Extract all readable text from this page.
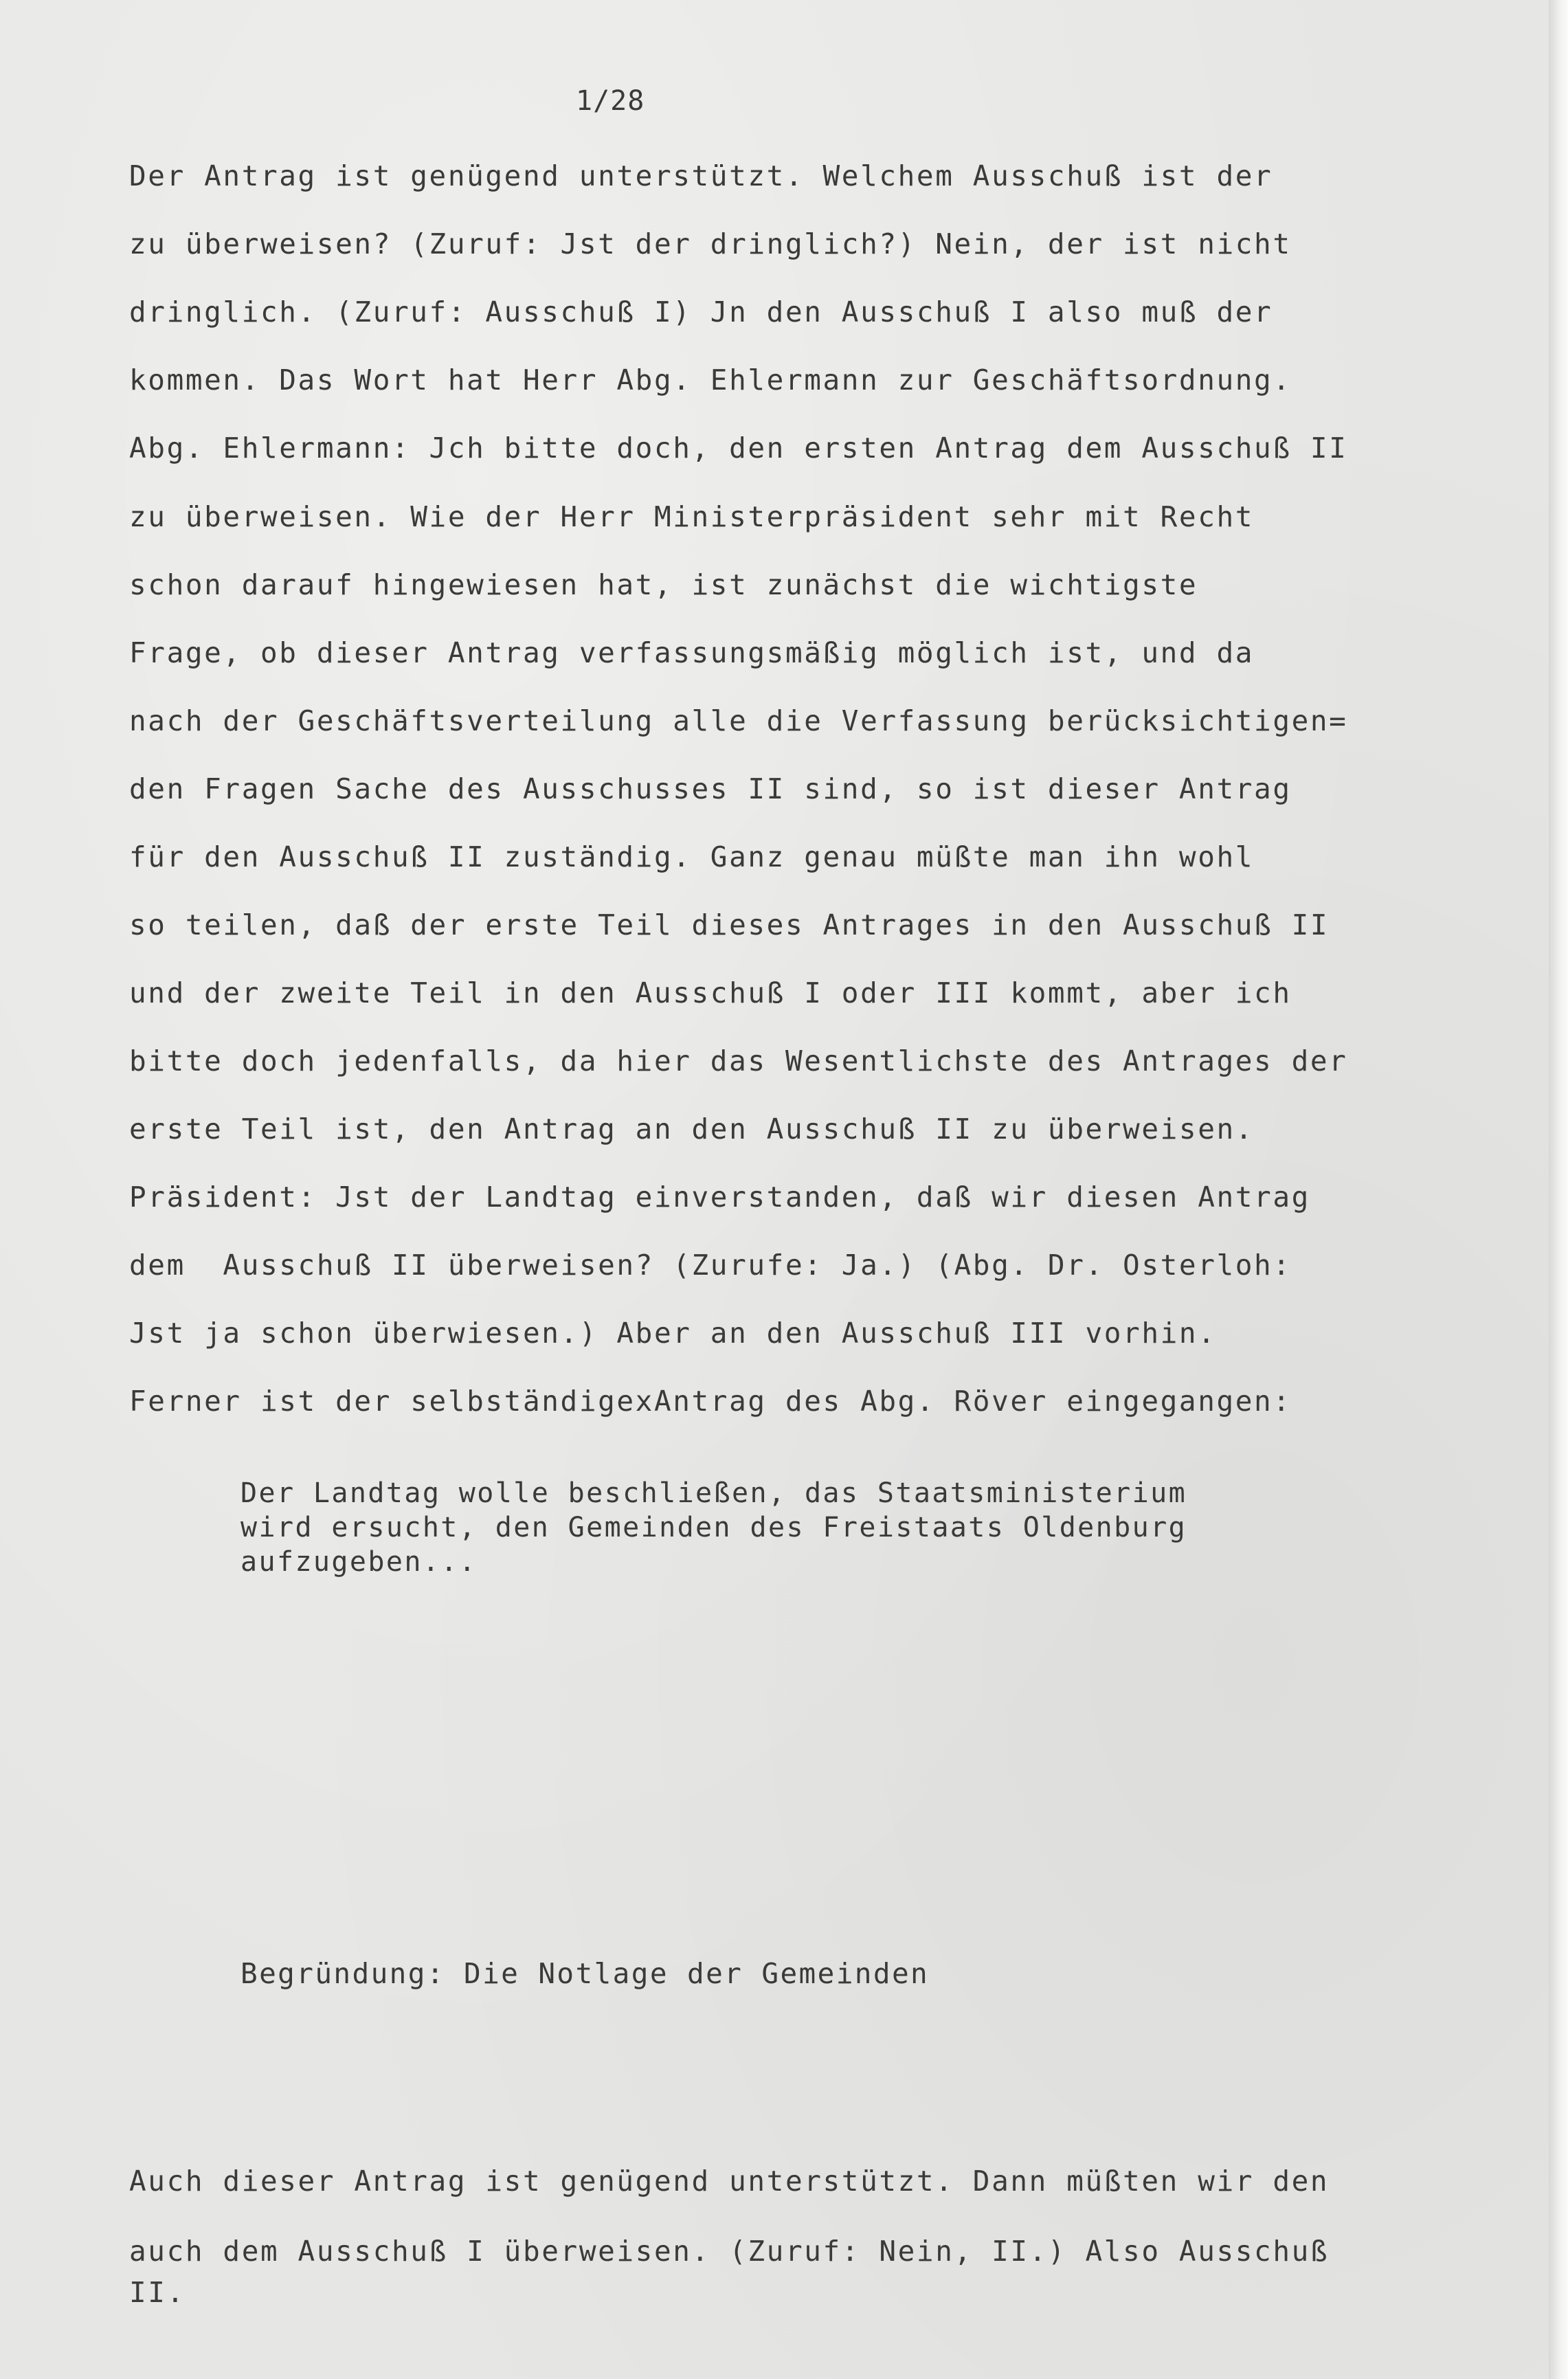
1/28
Der Antrag ist genügend unterstützt. Welchem Ausschuß ist der
zu überweisen? (Zuruf: Jst der dringlich?) Nein, der ist nicht
dringlich. (Zuruf: Ausschuß I) Jn den Ausschuß I also muß der
kommen. Das Wort hat Herr Abg. Ehlermann zur Geschäftsordnung.
Abg. Ehlermann: Jch bitte doch, den ersten Antrag dem Ausschuß II
zu überweisen. Wie der Herr Ministerpräsident sehr mit Recht
schon darauf hingewiesen hat, ist zunächst die wichtigste
Frage, ob dieser Antrag verfassungsmäßig möglich ist, und da
nach der Geschäftsverteilung alle die Verfassung berücksichtigen=
den Fragen Sache des Ausschusses II sind, so ist dieser Antrag
für den Ausschuß II zuständig. Ganz genau müßte man ihn wohl
so teilen, daß der erste Teil dieses Antrages in den Ausschuß II
und der zweite Teil in den Ausschuß I oder III kommt, aber ich
bitte doch jedenfalls, da hier das Wesentlichste des Antrages der
erste Teil ist, den Antrag an den Ausschuß II zu überweisen.
Präsident: Jst der Landtag einverstanden, daß wir diesen Antrag
dem  Ausschuß II überweisen? (Zurufe: Ja.) (Abg. Dr. Osterloh:
Jst ja schon überwiesen.) Aber an den Ausschuß III vorhin.
Ferner ist der selbständigexAntrag des Abg. Röver eingegangen:
Der Landtag wolle beschließen, das Staatsministerium
wird ersucht, den Gemeinden des Freistaats Oldenburg
aufzugeben...
Begründung: Die Notlage der Gemeinden
Auch dieser Antrag ist genügend unterstützt. Dann müßten wir den
auch dem Ausschuß I überweisen. (Zuruf: Nein, II.) Also Ausschuß
II.
